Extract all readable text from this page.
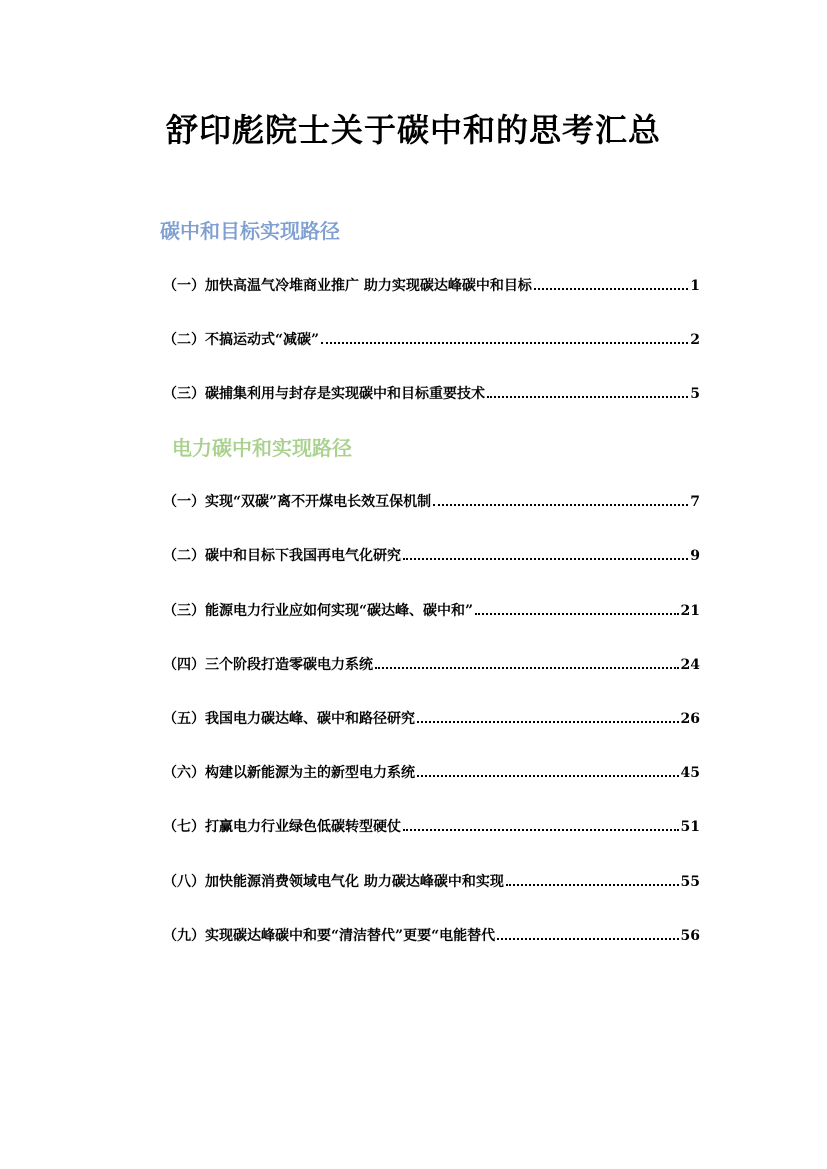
舒印彪院士关于碳中和的思考汇总
碳中和目标实现路径
（一）加快高温气冷堆商业推广 助力实现碳达峰碳中和目标	1
（二）不搞运动式“减碳”	2
（三）碳捕集利用与封存是实现碳中和目标重要技术	5
电力碳中和实现路径
（一）实现“双碳”离不开煤电长效互保机制	7
（二）碳中和目标下我国再电气化研究	9
（三）能源电力行业应如何实现“碳达峰、碳中和”	21
（四）三个阶段打造零碳电力系统	24
（五）我国电力碳达峰、碳中和路径研究	26
（六）构建以新能源为主的新型电力系统	45
（七）打赢电力行业绿色低碳转型硬仗	51
（八）加快能源消费领域电气化 助力碳达峰碳中和实现	55
（九）实现碳达峰碳中和要“清洁替代”更要“电能替代	56
